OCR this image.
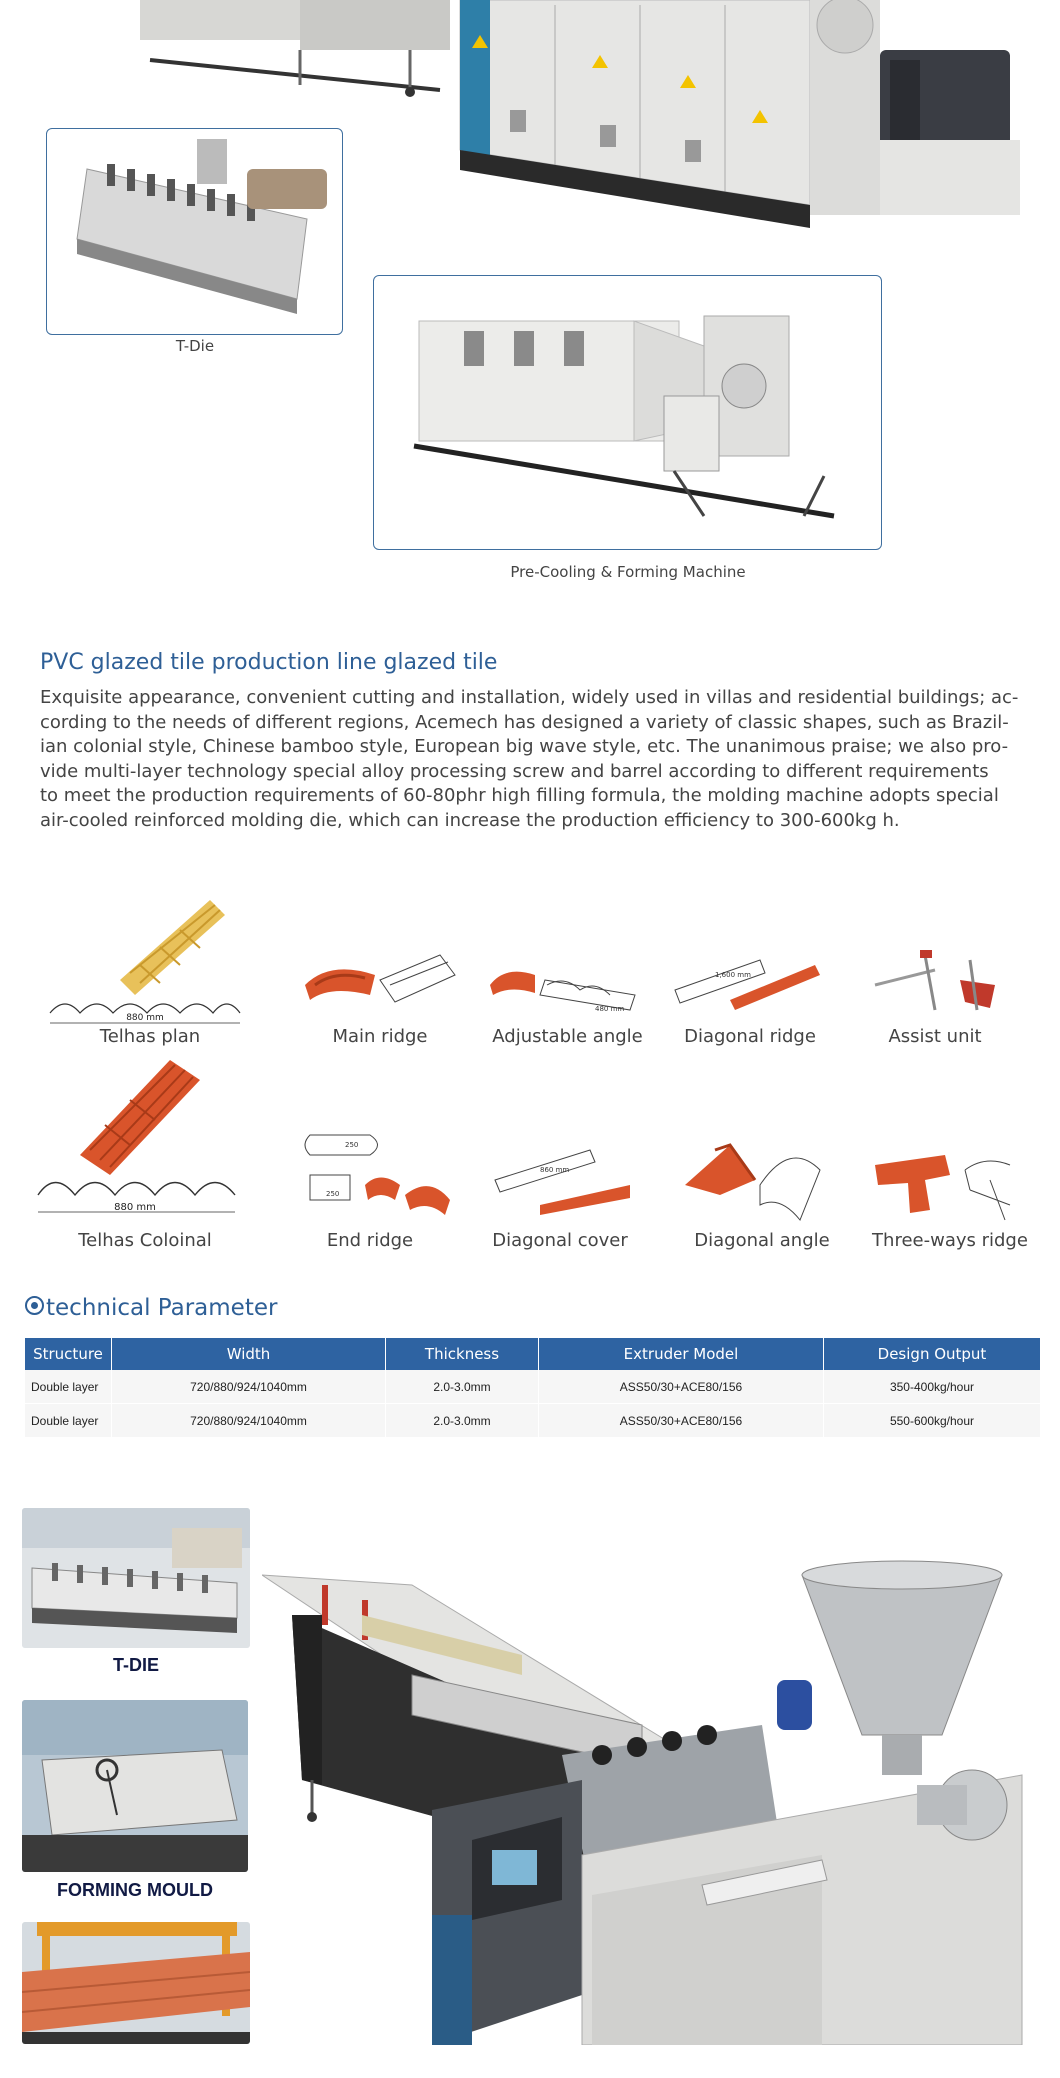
T-Die
Pre-Cooling & Forming Machine
PVC glazed tile production line glazed tile
Exquisite appearance, convenient cutting and installation, widely used in villas and residential buildings; ac-
cording to the needs of different regions, Acemech has designed a variety of classic shapes, such as Brazil-
ian colonial style, Chinese bamboo style, European big wave style, etc. The unanimous praise; we also pro-
vide multi-layer technology special alloy processing screw and barrel according to different requirements
to meet the production requirements of 60-80phr high filling formula, the molding machine adopts special
air-cooled reinforced molding die, which can increase the production efficiency to 300-600kg h.
880 mm
Telhas plan	Main ridge
480 mm
Adjustable angle
1,600 mm
Diagonal ridge	Assist unit
880 mm
Telhas Coloinal
250
250
End ridge
860 mm
Diagonal cover	Diagonal angle	Three-ways ridge
technical Parameter
Structure	Width	Thickness	Extruder Model	Design Output
Double layer	720/880/924/1040mm	2.0-3.0mm	ASS50/30+ACE80/156	350-400kg/hour
Double layer	720/880/924/1040mm	2.0-3.0mm	ASS50/30+ACE80/156	550-600kg/hour
T-DIE
FORMING MOULD
